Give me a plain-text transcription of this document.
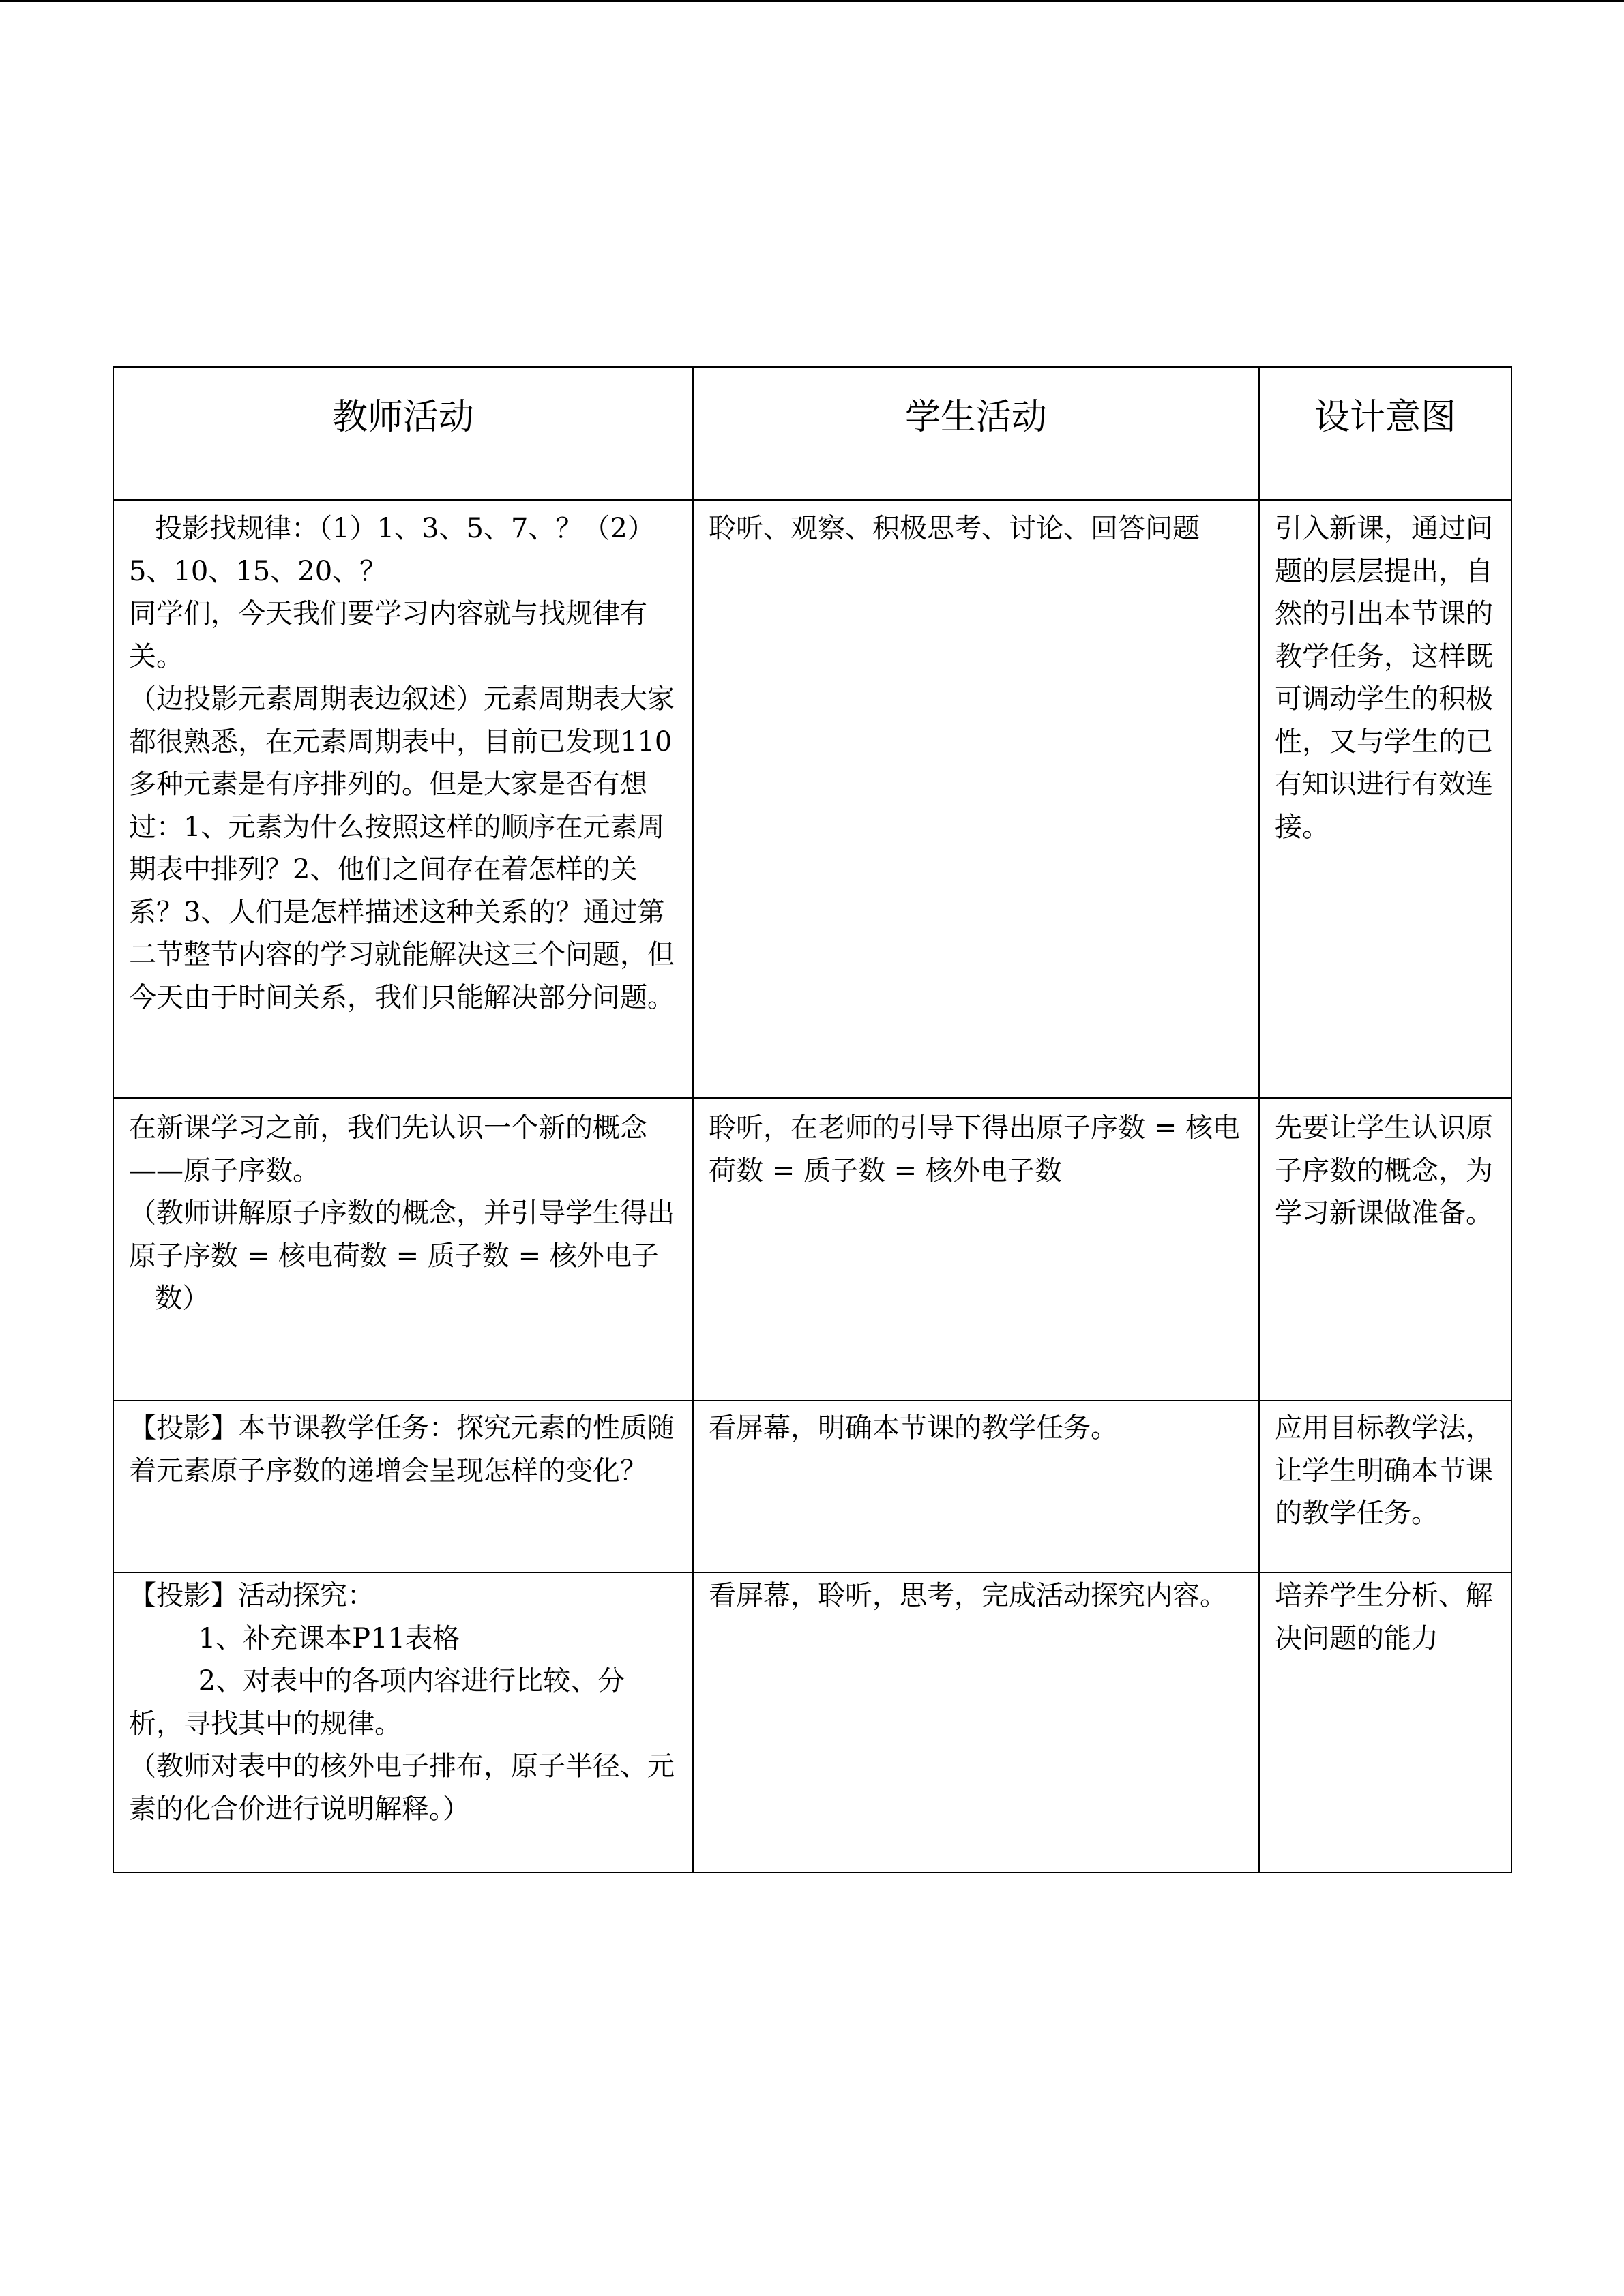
教师活动	学生活动	设计意图

投影找规律：（1）1、3、5、7、？（2）5、10、15、20、？
同学们，今天我们要学习内容就与找规律有关。
（边投影元素周期表边叙述）元素周期表大家都很熟悉，在元素周期表中，目前已发现110多种元素是有序排列的。但是大家是否有想过：1、元素为什么按照这样的顺序在元素周期表中排列？2、他们之间存在着怎样的关系？3、人们是怎样描述这种关系的？通过第二节整节内容的学习就能解决这三个问题，但今天由于时间关系，我们只能解决部分问题。	聆听、观察、积极思考、讨论、回答问题	引入新课，通过问题的层层提出，自然的引出本节课的教学任务，这样既可调动学生的积极性，又与学生的已有知识进行有效连接。

在新课学习之前，我们先认识一个新的概念——原子序数。
（教师讲解原子序数的概念，并引导学生得出原子序数 = 核电荷数 = 质子数 = 核外电子
数）	聆听，在老师的引导下得出原子序数 = 核电荷数 = 质子数 = 核外电子数	先要让学生认识原子序数的概念，为学习新课做准备。

【投影】本节课教学任务：探究元素的性质随着元素原子序数的递增会呈现怎样的变化？	看屏幕，明确本节课的教学任务。	应用目标教学法，让学生明确本节课的教学任务。

【投影】活动探究：
1、补充课本P11表格
2、对表中的各项内容进行比较、分析，寻找其中的规律。
（教师对表中的核外电子排布，原子半径、元素的化合价进行说明解释。）	看屏幕，聆听，思考，完成活动探究内容。	培养学生分析、解决问题的能力
